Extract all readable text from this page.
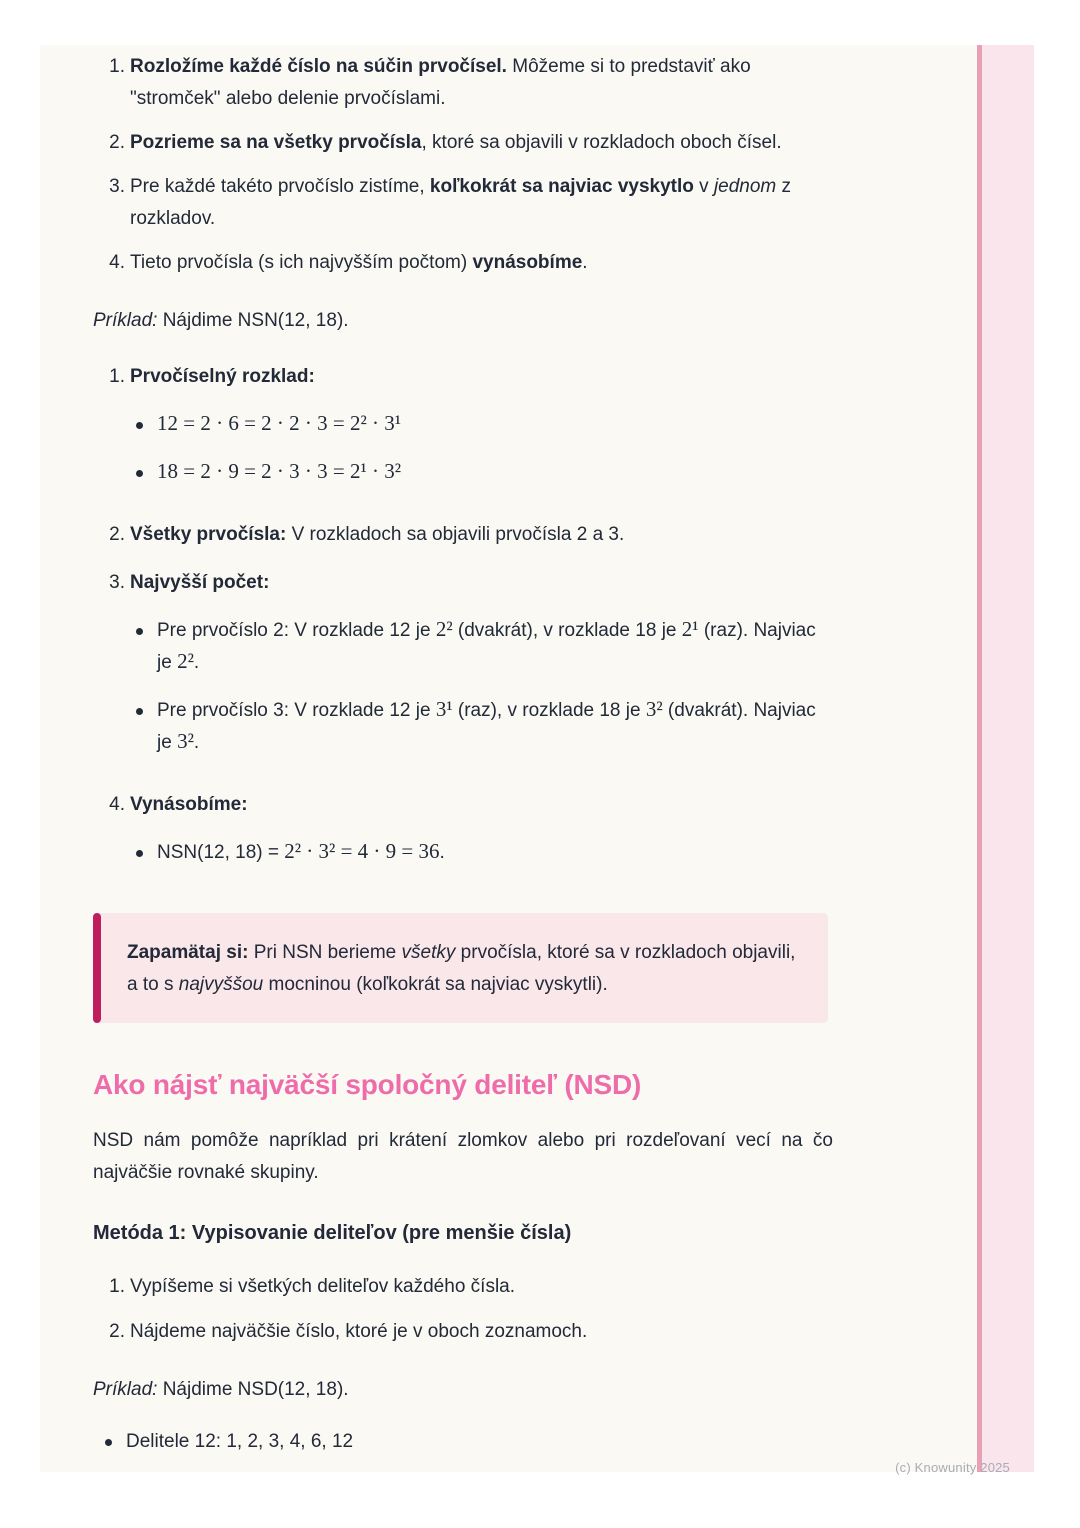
1. Rozložíme každé číslo na súčin prvočísel. Môžeme si to predstaviť ako "stromček" alebo delenie prvočíslami.
2. Pozrieme sa na všetky prvočísla, ktoré sa objavili v rozkladoch oboch čísel.
3. Pre každé takéto prvočíslo zistíme, koľkokrát sa najviac vyskytlo v jednom z rozkladov.
4. Tieto prvočísla (s ich najvyšším počtom) vynásobíme.
Príklad: Nájdime NSN(12, 18).
1. Prvočíselný rozklad:
12 = 2 · 6 = 2 · 2 · 3 = 2² · 3¹
18 = 2 · 9 = 2 · 3 · 3 = 2¹ · 3²
2. Všetky prvočísla: V rozkladoch sa objavili prvočísla 2 a 3.
3. Najvyšší počet:
Pre prvočíslo 2: V rozklade 12 je 2² (dvakrát), v rozklade 18 je 2¹ (raz). Najviac je 2².
Pre prvočíslo 3: V rozklade 12 je 3¹ (raz), v rozklade 18 je 3² (dvakrát). Najviac je 3².
4. Vynásobíme:
NSN(12, 18) = 2² · 3² = 4 · 9 = 36.
Zapamätaj si: Pri NSN berieme všetky prvočísla, ktoré sa v rozkladoch objavili, a to s najvyššou mocninou (koľkokrát sa najviac vyskytli).
Ako nájsť najväčší spoločný deliteľ (NSD)
NSD nám pomôže napríklad pri krátení zlomkov alebo pri rozdeľovaní vecí na čo najväčšie rovnaké skupiny.
Metóda 1: Vypisovanie deliteľov (pre menšie čísla)
1. Vypíšeme si všetkých deliteľov každého čísla.
2. Nájdeme najväčšie číslo, ktoré je v oboch zoznamoch.
Príklad: Nájdime NSD(12, 18).
Delitele 12: 1, 2, 3, 4, 6, 12
(c) Knowunity 2025
